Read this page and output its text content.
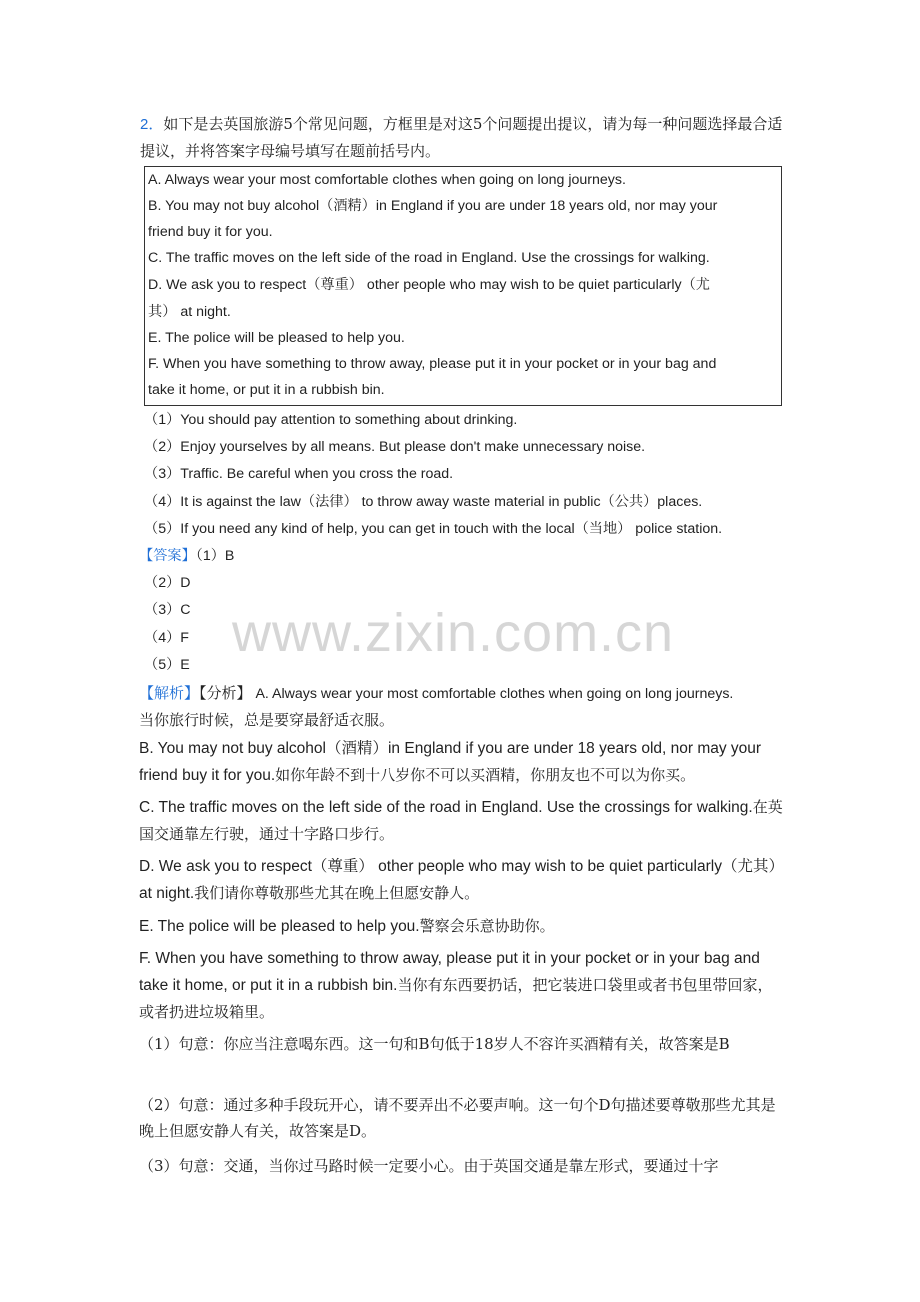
2．如下是去英国旅游5个常见问题，方框里是对这5个问题提出提议，请为每一种问题选择最合适提议，并将答案字母编号填写在题前括号内。
A. Always wear your most comfortable clothes when going on long journeys.
B. You may not buy alcohol（酒精）in England if you are under 18 years old, nor may your
friend buy it for you.
C. The traffic moves on the left side of the road in England. Use the crossings for walking.
D. We ask you to respect（尊重） other people who may wish to be quiet particularly（尤
其） at night.
E. The police will be pleased to help you.
F. When you have something to throw away, please put it in your pocket or in your bag and
take it home, or put it in a rubbish bin.
（1）You should pay attention to something about drinking.
（2）Enjoy yourselves by all means. But please don't make unnecessary noise.
（3）Traffic. Be careful when you cross the road.
（4）It is against the law（法律） to throw away waste material in public（公共）places.
（5）If you need any kind of help, you can get in touch with the local（当地） police station.
【答案】（1）B
（2）D
（3）C
（4）F
（5）E
www.zixin.com.cn
【解析】【分析】 A. Always wear your most comfortable clothes when going on long journeys.
当你旅行时候，总是要穿最舒适衣服。
B. You may not buy alcohol（酒精）in England if you are under 18 years old, nor may your friend buy it for you.如你年龄不到十八岁你不可以买酒精，你朋友也不可以为你买。
C. The traffic moves on the left side of the road in England. Use the crossings for walking.在英国交通靠左行驶，通过十字路口步行。
D. We ask you to respect（尊重） other people who may wish to be quiet particularly（尤其） at night.我们请你尊敬那些尤其在晚上但愿安静人。
E. The police will be pleased to help you.警察会乐意协助你。
F. When you have something to throw away, please put it in your pocket or in your bag and take it home, or put it in a rubbish bin.当你有东西要扔话，把它装进口袋里或者书包里带回家，或者扔进垃圾箱里。
（1）句意：你应当注意喝东西。这一句和B句低于18岁人不容许买酒精有关，故答案是B
（2）句意：通过多种手段玩开心，请不要弄出不必要声响。这一句个D句描述要尊敬那些尤其是晚上但愿安静人有关，故答案是D。
（3）句意：交通，当你过马路时候一定要小心。由于英国交通是靠左形式，要通过十字
